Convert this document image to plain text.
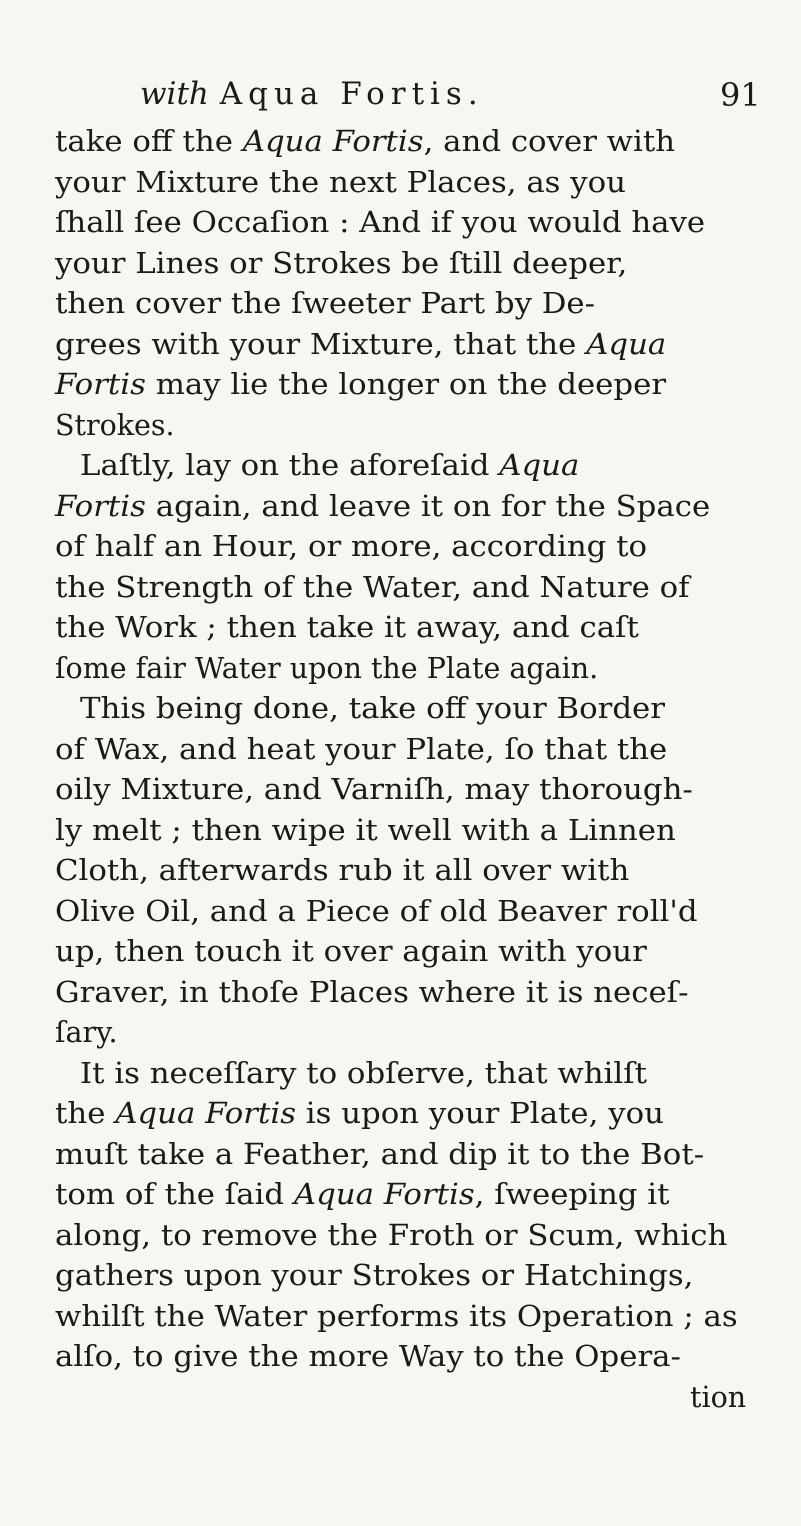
with Aqua Fortis.	91
take off the Aqua Fortis, and cover with
your Mixture the next Places, as you
ſhall ſee Occaſion : And if you would have
your Lines or Strokes be ſtill deeper,
then cover the ſweeter Part by De-
grees with your Mixture, that the Aqua
Fortis may lie the longer on the deeper
Strokes.
Laſtly, lay on the aforeſaid Aqua
Fortis again, and leave it on for the Space
of half an Hour, or more, according to
the Strength of the Water, and Nature of
the Work ; then take it away, and caſt
ſome fair Water upon the Plate again.
This being done, take off your Border
of Wax, and heat your Plate, ſo that the
oily Mixture, and Varniſh, may thorough-
ly melt ; then wipe it well with a Linnen
Cloth, afterwards rub it all over with
Olive Oil, and a Piece of old Beaver roll'd
up, then touch it over again with your
Graver, in thoſe Places where it is neceſ-
ſary.
It is neceſſary to obſerve, that whilſt
the Aqua Fortis is upon your Plate, you
muſt take a Feather, and dip it to the Bot-
tom of the ſaid Aqua Fortis, ſweeping it
along, to remove the Froth or Scum, which
gathers upon your Strokes or Hatchings,
whilſt the Water performs its Operation ; as
alſo, to give the more Way to the Opera-
tion
